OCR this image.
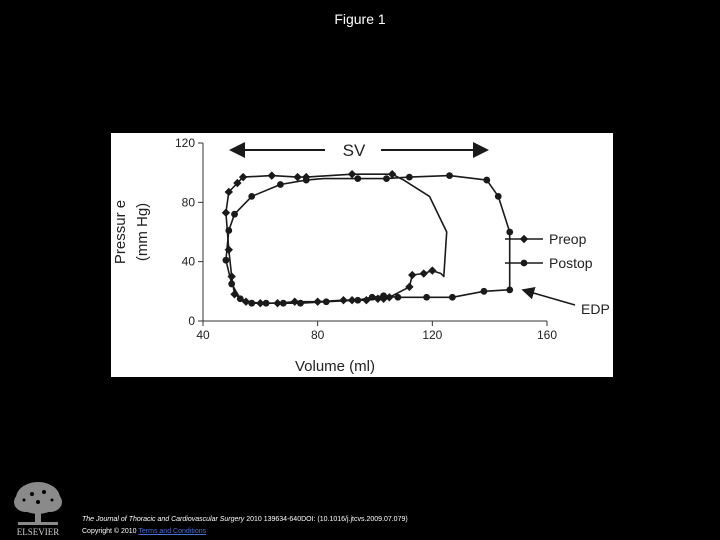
Figure 1
0
40
80
120
40	80	120	160
Pressur e (mm Hg)	Preop
Postop
SV
EDP
Volume (ml)
ELSEVIER
The Journal of Thoracic and Cardiovascular Surgery 2010 139634-640DOI: (10.1016/j.jtcvs.2009.07.079)
Copyright © 2010 Terms and Conditions
